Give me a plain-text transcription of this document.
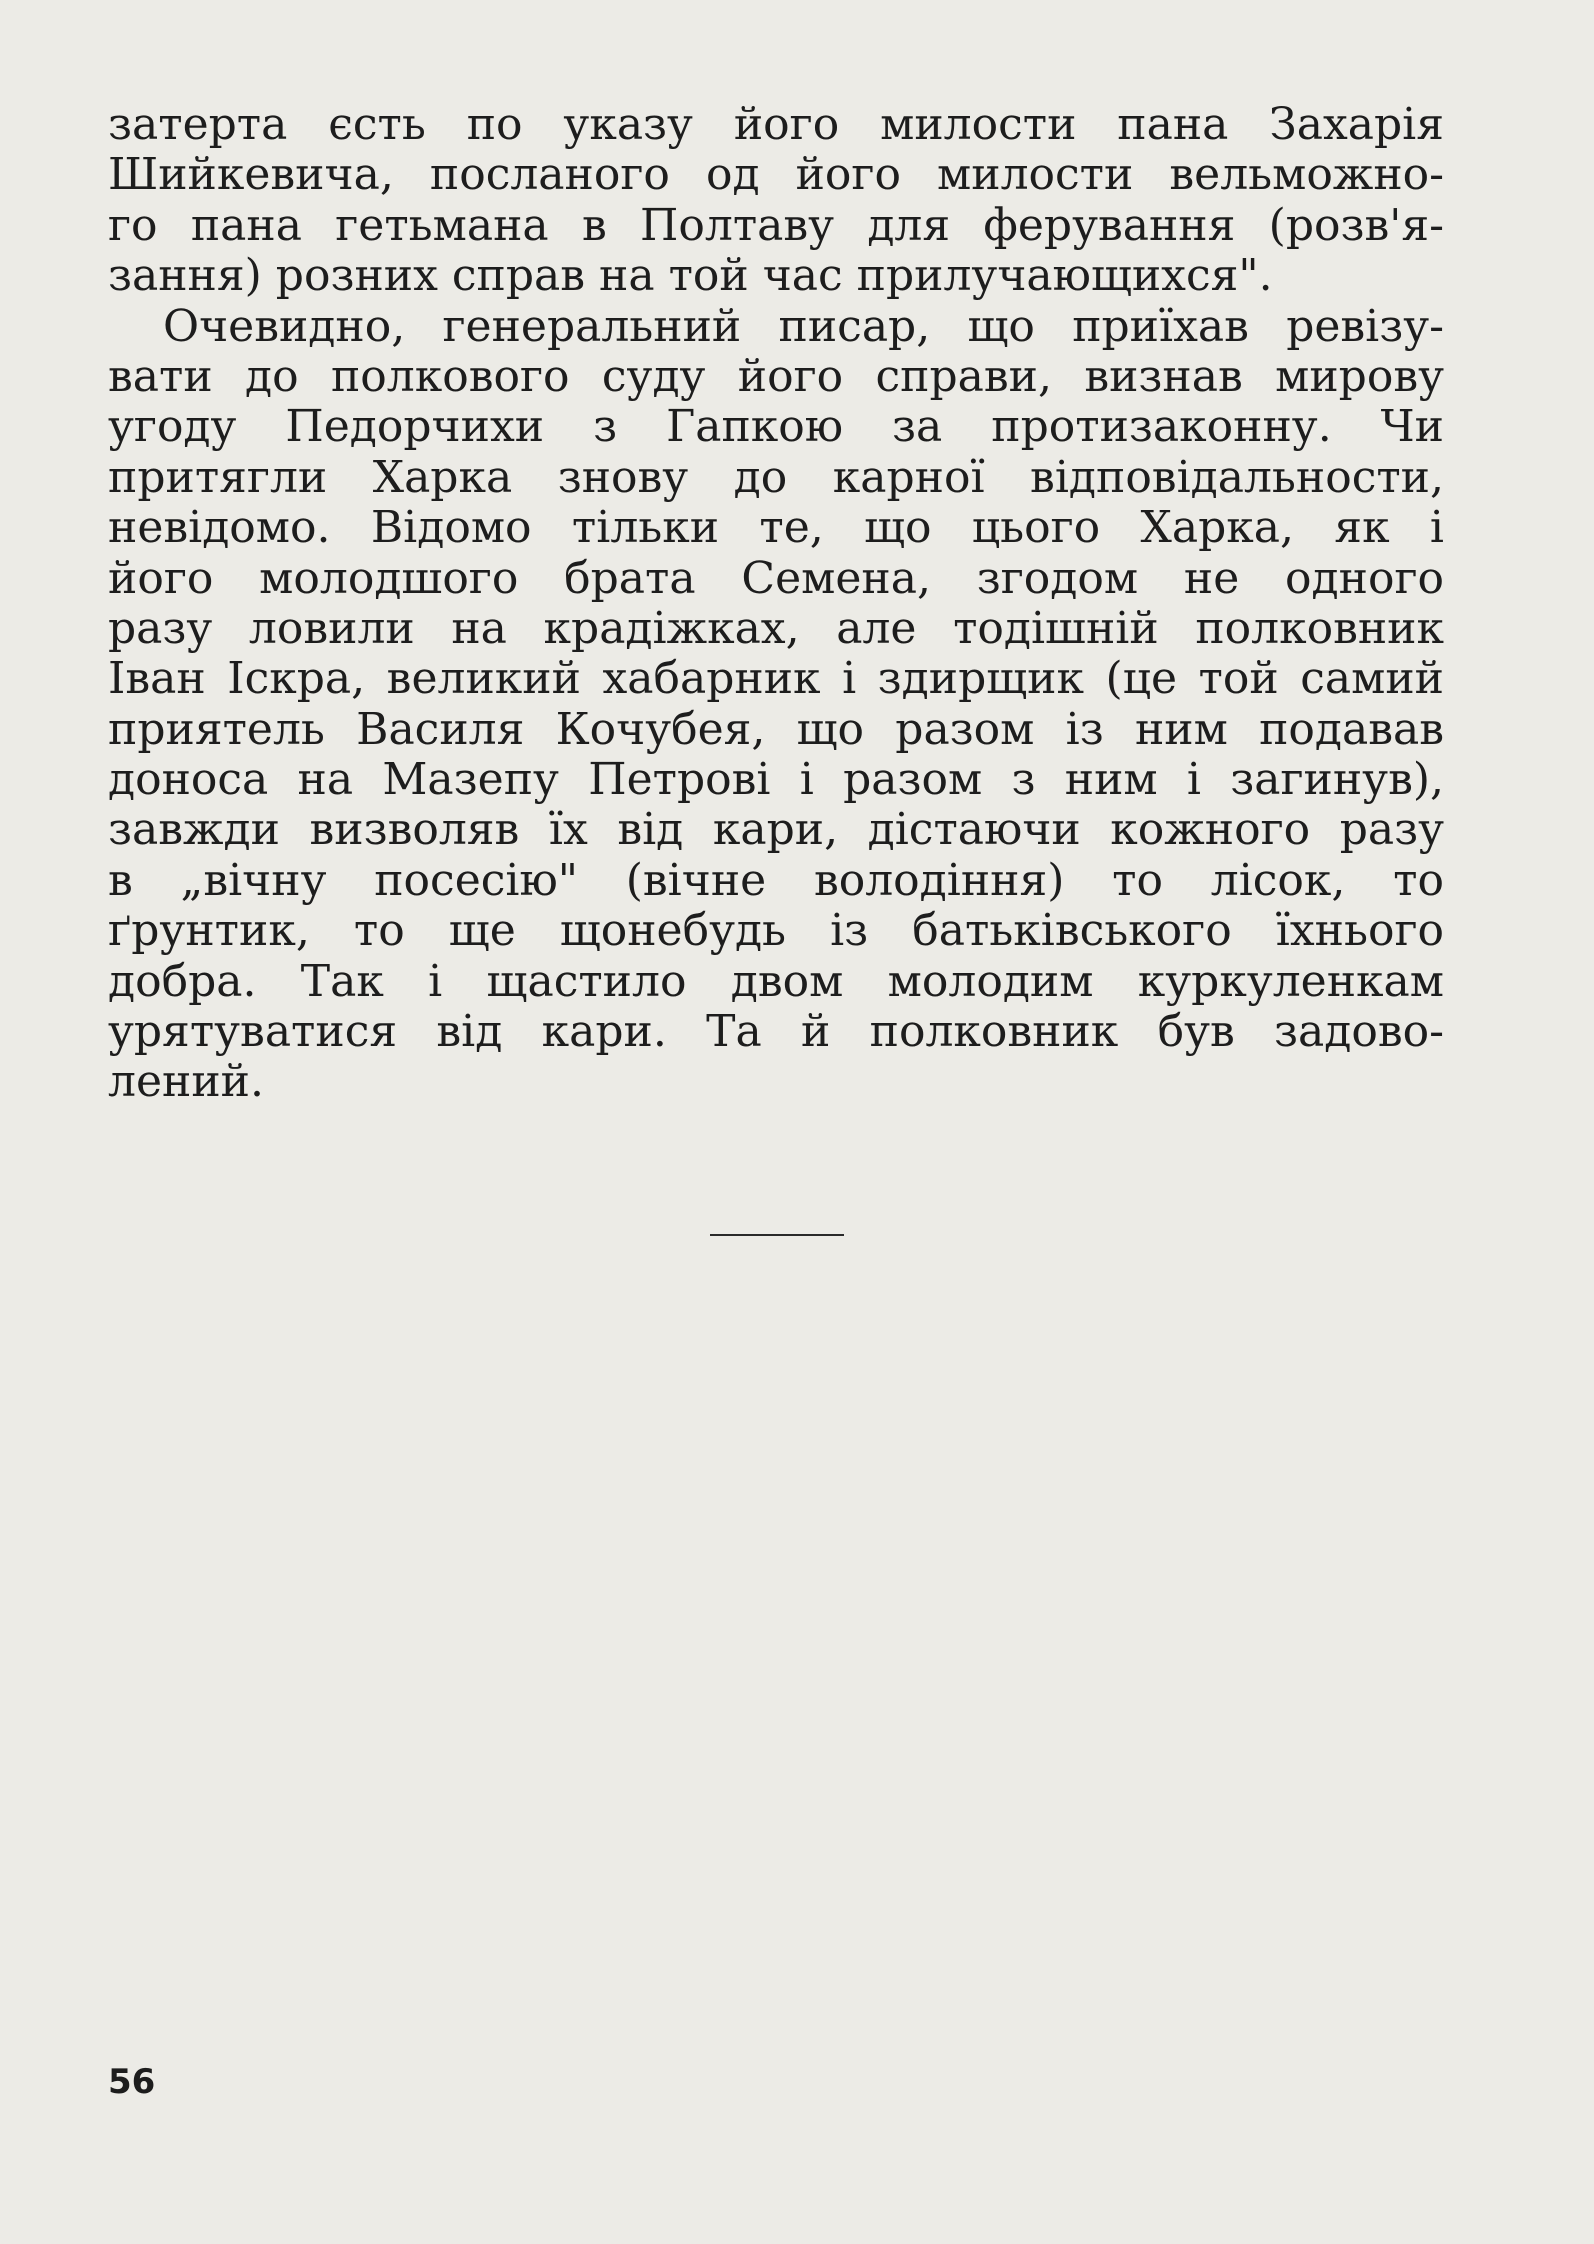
затерта єсть по указу його милости пана Захарія
Шийкевича, посланого од його милости вельможно-
го пана гетьмана в Полтаву для ферування (розв'я-
зання) розних справ на той час прилучающихся".
Очевидно, генеральний писар, що приїхав ревізу-
вати до полкового суду його справи, визнав мирову
угоду Педорчихи з Гапкою за протизаконну. Чи
притягли Харка знову до карної відповідальности,
невідомо. Відомо тільки те, що цього Харка, як і
його молодшого брата Семена, згодом не одного
разу ловили на крадіжках, але тодішній полковник
Іван Іскра, великий хабарник і здирщик (це той самий
приятель Василя Кочубея, що разом із ним подавав
доноса на Мазепу Петрові і разом з ним і загинув),
завжди визволяв їх від кари, дістаючи кожного разу
в „вічну посесію" (вічне володіння) то лісок, то
ґрунтик, то ще щонебудь із батьківського їхнього
добра. Так і щастило двом молодим куркуленкам
урятуватися від кари. Та й полковник був задово-
лений.
56
